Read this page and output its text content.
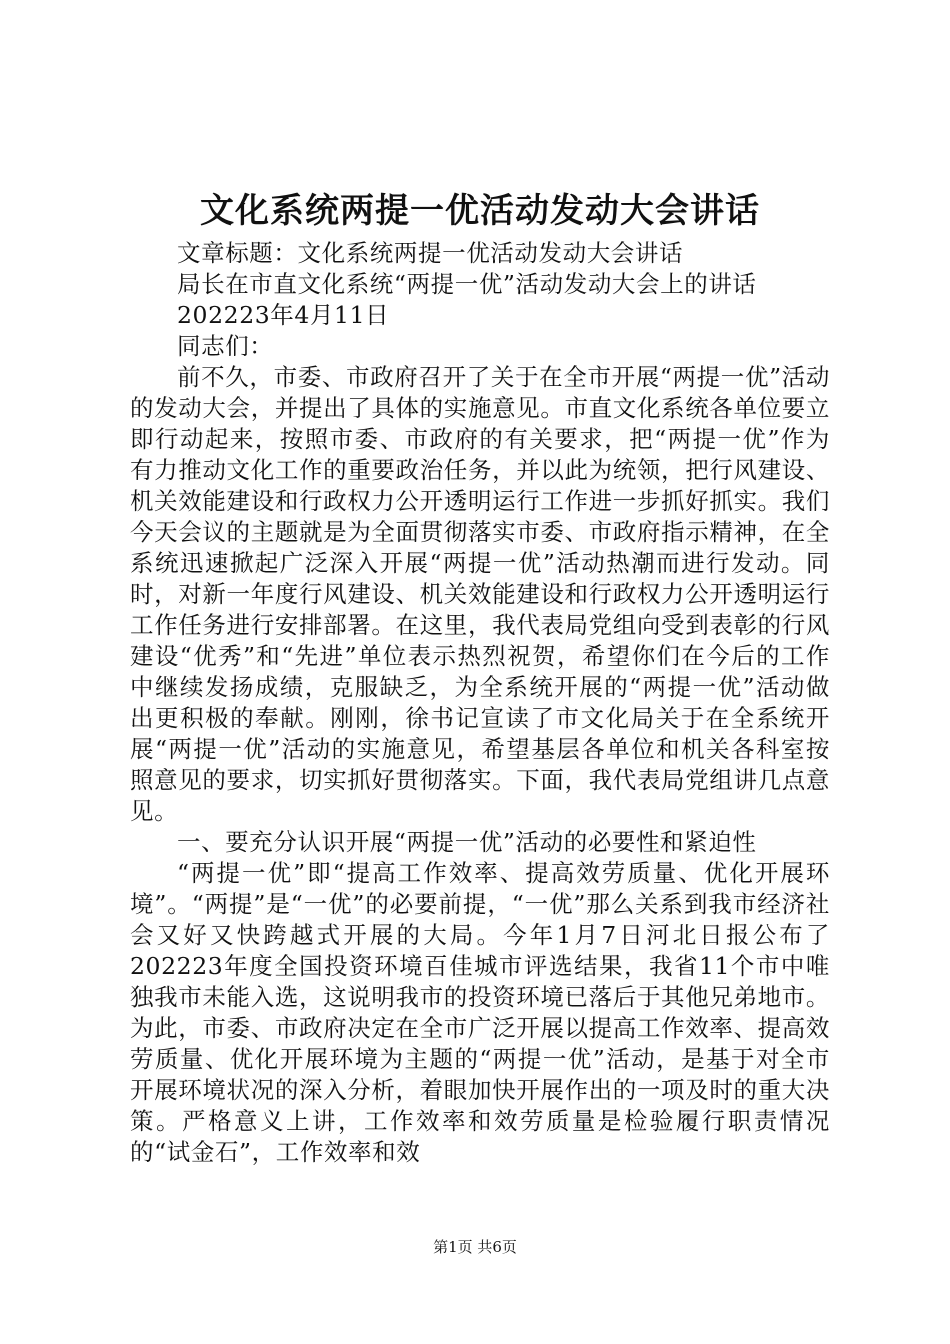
文化系统两提一优活动发动大会讲话

文章标题：文化系统两提一优活动发动大会讲话

局长在市直文化系统“两提一优”活动发动大会上的讲话

202223年4月11日

同志们：

前不久，市委、市政府召开了关于在全市开展“两提一优”活动的发动大会，并提出了具体的实施意见。市直文化系统各单位要立即行动起来，按照市委、市政府的有关要求，把“两提一优”作为有力推动文化工作的重要政治任务，并以此为统领，把行风建设、机关效能建设和行政权力公开透明运行工作进一步抓好抓实。我们今天会议的主题就是为全面贯彻落实市委、市政府指示精神，在全系统迅速掀起广泛深入开展“两提一优”活动热潮而进行发动。同时，对新一年度行风建设、机关效能建设和行政权力公开透明运行工作任务进行安排部署。在这里，我代表局党组向受到表彰的行风建设“优秀”和“先进”单位表示热烈祝贺，希望你们在今后的工作中继续发扬成绩，克服缺乏，为全系统开展的“两提一优”活动做出更积极的奉献。刚刚，徐书记宣读了市文化局关于在全系统开展“两提一优”活动的实施意见，希望基层各单位和机关各科室按照意见的要求，切实抓好贯彻落实。下面，我代表局党组讲几点意见。

一、要充分认识开展“两提一优”活动的必要性和紧迫性

“两提一优”即“提高工作效率、提高效劳质量、优化开展环境”。“两提”是“一优”的必要前提，“一优”那么关系到我市经济社会又好又快跨越式开展的大局。今年1月7日河北日报公布了202223年度全国投资环境百佳城市评选结果，我省11个市中唯独我市未能入选，这说明我市的投资环境已落后于其他兄弟地市。为此，市委、市政府决定在全市广泛开展以提高工作效率、提高效劳质量、优化开展环境为主题的“两提一优”活动，是基于对全市开展环境状况的深入分析，着眼加快开展作出的一项及时的重大决策。严格意义上讲，工作效率和效劳质量是检验履行职责情况的“试金石”，工作效率和效

第1页 共6页
